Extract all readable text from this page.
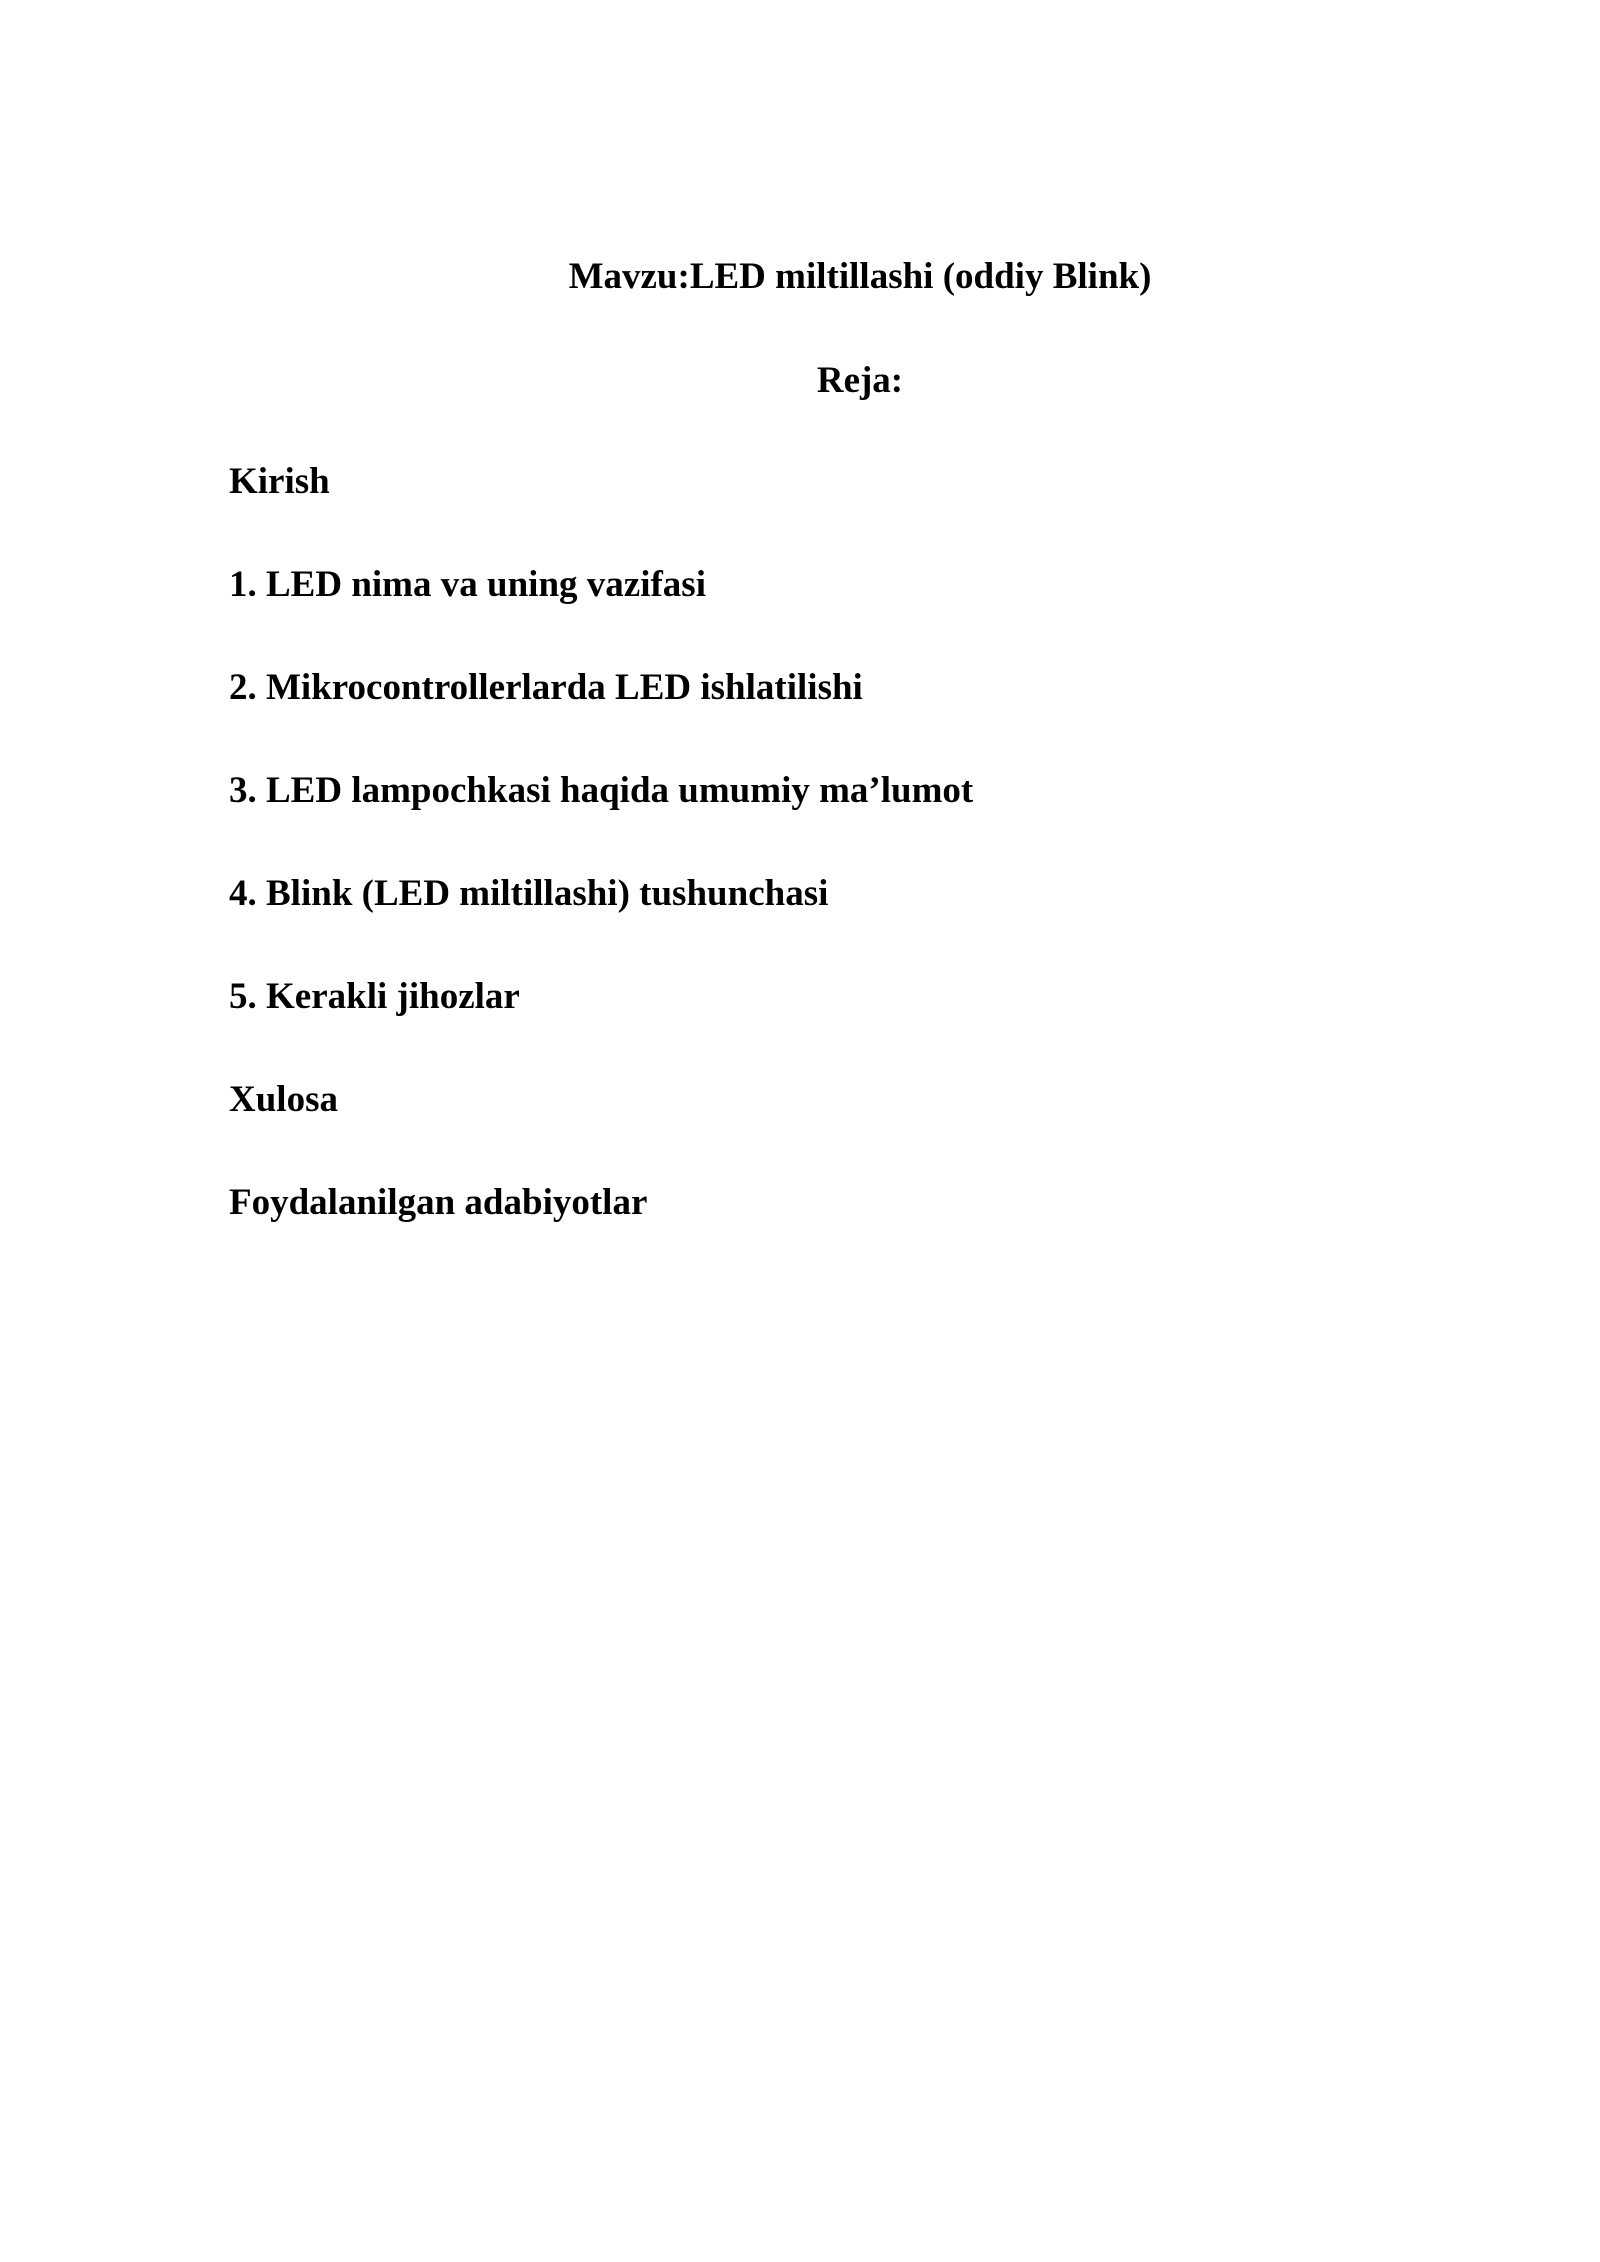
Mavzu:LED miltillashi (oddiy Blink)
Reja:
Kirish
1. LED nima va uning vazifasi
2. Mikrocontrollerlarda LED ishlatilishi
3. LED lampochkasi haqida umumiy ma’lumot
4. Blink (LED miltillashi) tushunchasi
5. Kerakli jihozlar
Xulosa
Foydalanilgan adabiyotlar
